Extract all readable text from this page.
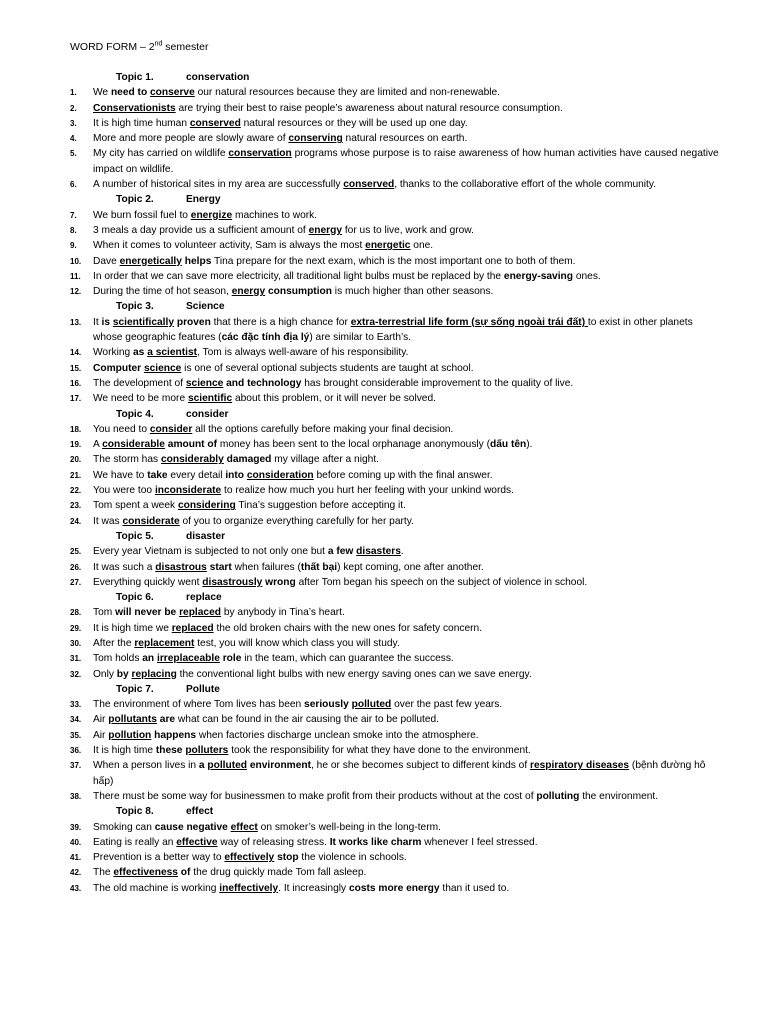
WORD FORM – 2nd semester
Topic 1.	conservation
1. We need to conserve our natural resources because they are limited and non-renewable.
2. Conservationists are trying their best to raise people’s awareness about natural resource consumption.
3. It is high time human conserved natural resources or they will be used up one day.
4. More and more people are slowly aware of conserving natural resources on earth.
5. My city has carried on wildlife conservation programs whose purpose is to raise awareness of how human activities have caused negative impact on wildlife.
6. A number of historical sites in my area are successfully conserved, thanks to the collaborative effort of the whole community.
Topic 2.	Energy
7. We burn fossil fuel to energize machines to work.
8. 3 meals a day provide us a sufficient amount of energy for us to live, work and grow.
9. When it comes to volunteer activity, Sam is always the most energetic one.
10. Dave energetically helps Tina prepare for the next exam, which is the most important one to both of them.
11. In order that we can save more electricity, all traditional light bulbs must be replaced by the energy-saving ones.
12. During the time of hot season, energy consumption is much higher than other seasons.
Topic 3.	Science
13. It is scientifically proven that there is a high chance for extra-terrestrial life form (sự sống ngoài trái đất) to exist in other planets whose geographic features (các đặc tính địa lý) are similar to Earth’s.
14. Working as a scientist, Tom is always well-aware of his responsibility.
15. Computer science is one of several optional subjects students are taught at school.
16. The development of science and technology has brought considerable improvement to the quality of live.
17. We need to be more scientific about this problem, or it will never be solved.
Topic 4.	consider
18. You need to consider all the options carefully before making your final decision.
19. A considerable amount of money has been sent to the local orphanage anonymously (dấu tên).
20. The storm has considerably damaged my village after a night.
21. We have to take every detail into consideration before coming up with the final answer.
22. You were too inconsiderate to realize how much you hurt her feeling with your unkind words.
23. Tom spent a week considering Tina’s suggestion before accepting it.
24. It was considerate of you to organize everything carefully for her party.
Topic 5.	disaster
25. Every year Vietnam is subjected to not only one but a few disasters.
26. It was such a disastrous start when failures (thất bại) kept coming, one after another.
27. Everything quickly went disastrously wrong after Tom began his speech on the subject of violence in school.
Topic 6.	replace
28. Tom will never be replaced by anybody in Tina’s heart.
29. It is high time we replaced the old broken chairs with the new ones for safety concern.
30. After the replacement test, you will know which class you will study.
31. Tom holds an irreplaceable role in the team, which can guarantee the success.
32. Only by replacing the conventional light bulbs with new energy saving ones can we save energy.
Topic 7.	Pollute
33. The environment of where Tom lives has been seriously polluted over the past few years.
34. Air pollutants are what can be found in the air causing the air to be polluted.
35. Air pollution happens when factories discharge unclean smoke into the atmosphere.
36. It is high time these polluters took the responsibility for what they have done to the environment.
37. When a person lives in a polluted environment, he or she becomes subject to different kinds of respiratory diseases (bệnh đường hô hấp)
38. There must be some way for businessmen to make profit from their products without at the cost of polluting the environment.
Topic 8.	effect
39. Smoking can cause negative effect on smoker’s well-being in the long-term.
40. Eating is really an effective way of releasing stress. It works like charm whenever I feel stressed.
41. Prevention is a better way to effectively stop the violence in schools.
42. The effectiveness of the drug quickly made Tom fall asleep.
43. The old machine is working ineffectively. It increasingly costs more energy than it used to.
